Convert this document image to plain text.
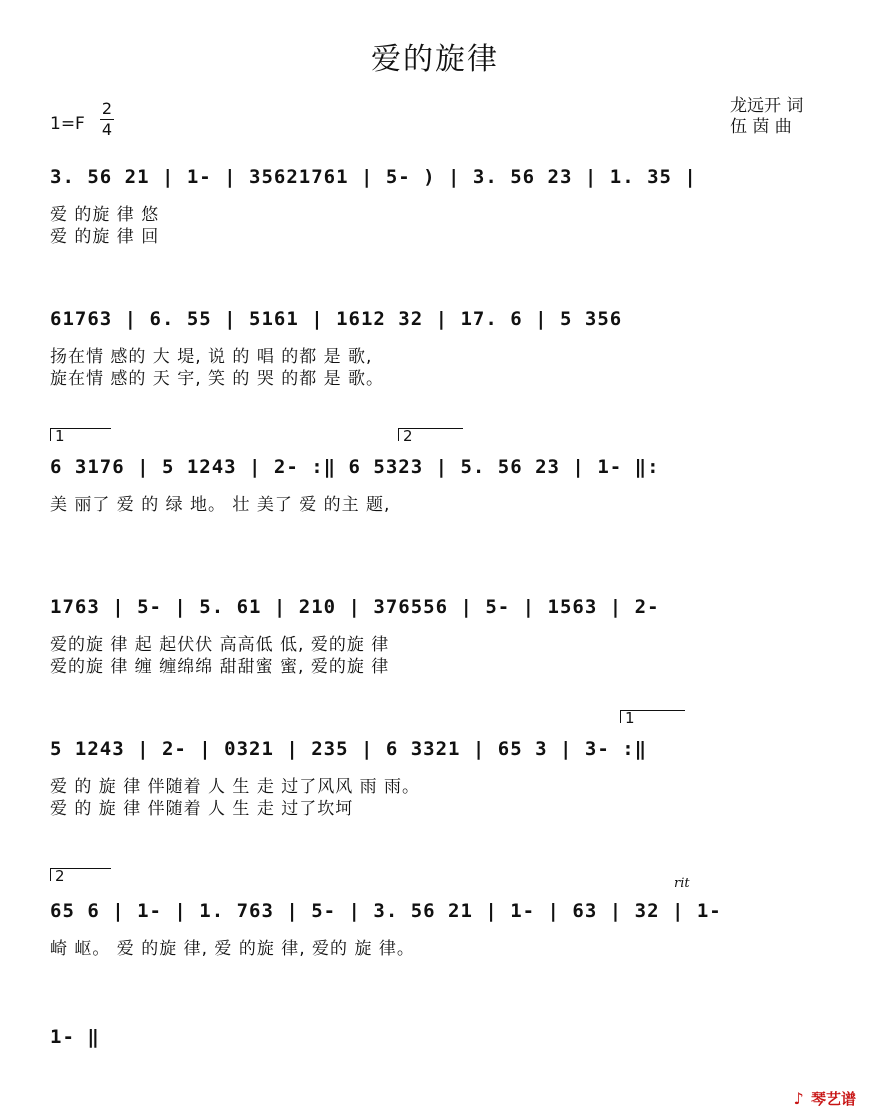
爱的旋律
1=F
2
4
龙远开 词
伍 茵 曲
3. 56 21 | 1- | 35621761 | 5- ) | 3. 56 23 | 1. 35 |
爱 的旋 律 悠
爱 的旋 律 回
61763 | 6. 55 | 5161 | 1612 32 | 17. 6 | 5 356
扬在情 感的 大 堤, 说 的 唱 的都 是 歌,
旋在情 感的 天 宇, 笑 的 哭 的都 是 歌。
1	2
6 3176 | 5 1243 | 2- :‖ 6 5323 | 5. 56 23 | 1- ‖:
美 丽了 爱 的 绿 地。 壮 美了 爱 的主 题,
1763 | 5- | 5. 61 | 210 | 376556 | 5- | 1563 | 2-
爱的旋 律 起 起伏伏 高高低 低, 爱的旋 律
爱的旋 律 缠 缠绵绵 甜甜蜜 蜜, 爱的旋 律
1
5 1243 | 2- | 0321 | 235 | 6 3321 | 65 3 | 3- :‖
爱 的 旋 律 伴随着 人 生 走 过了风风 雨 雨。
爱 的 旋 律 伴随着 人 生 走 过了坎坷
2	rit
65 6 | 1- | 1. 763 | 5- | 3. 56 21 | 1- | 63 | 32 | 1-
崎 岖。 爱 的旋 律, 爱 的旋 律, 爱的 旋 律。
1- ‖
♪ 琴艺谱
